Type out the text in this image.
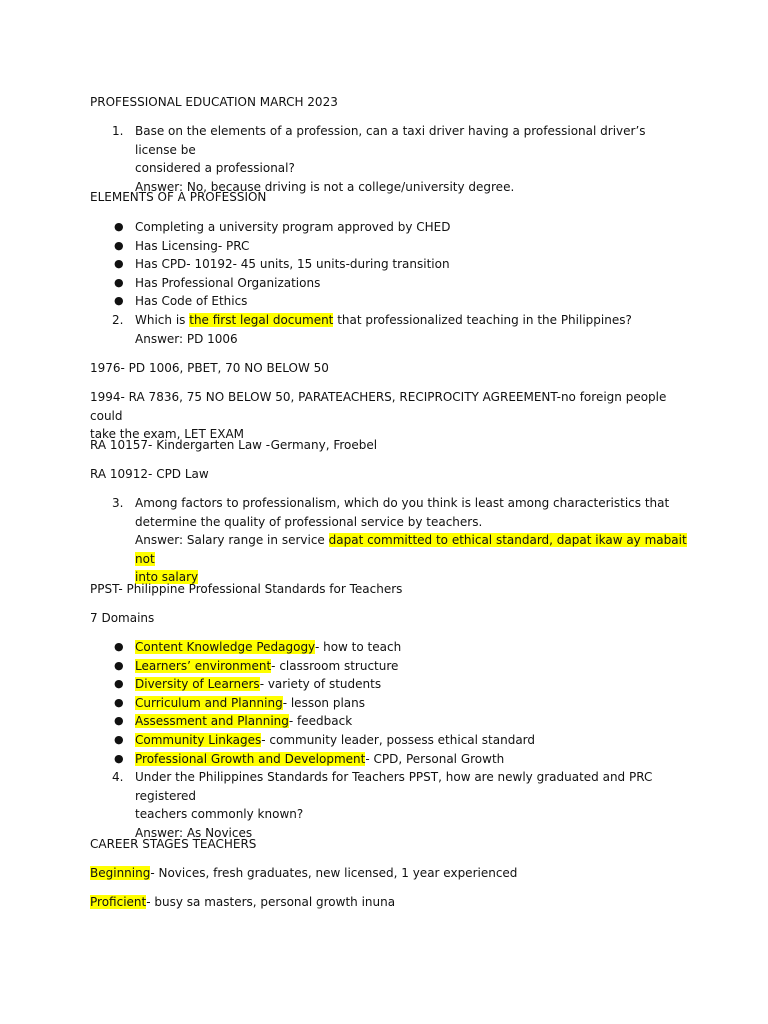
PROFESSIONAL EDUCATION MARCH 2023

1. Base on the elements of a profession, can a taxi driver having a professional driver’s license be
considered a professional?
Answer: No, because driving is not a college/university degree.

ELEMENTS OF A PROFESSION

● Completing a university program approved by CHED
● Has Licensing- PRC
● Has CPD- 10192- 45 units, 15 units-during transition
● Has Professional Organizations
● Has Code of Ethics
2. Which is the first legal document that professionalized teaching in the Philippines?
Answer: PD 1006

1976- PD 1006, PBET, 70 NO BELOW 50

1994- RA 7836, 75 NO BELOW 50, PARATEACHERS, RECIPROCITY AGREEMENT-no foreign people could
take the exam, LET EXAM

RA 10157- Kindergarten Law -Germany, Froebel

RA 10912- CPD Law

3. Among factors to professionalism, which do you think is least among characteristics that
determine the quality of professional service by teachers.
Answer: Salary range in service dapat committed to ethical standard, dapat ikaw ay mabait not
into salary

PPST- Philippine Professional Standards for Teachers

7 Domains

● Content Knowledge Pedagogy- how to teach
● Learners’ environment- classroom structure
● Diversity of Learners- variety of students
● Curriculum and Planning- lesson plans
● Assessment and Planning- feedback
● Community Linkages- community leader, possess ethical standard
● Professional Growth and Development- CPD, Personal Growth
4. Under the Philippines Standards for Teachers PPST, how are newly graduated and PRC registered
teachers commonly known?
Answer: As Novices

CAREER STAGES TEACHERS

Beginning- Novices, fresh graduates, new licensed, 1 year experienced

Proficient- busy sa masters, personal growth inuna
